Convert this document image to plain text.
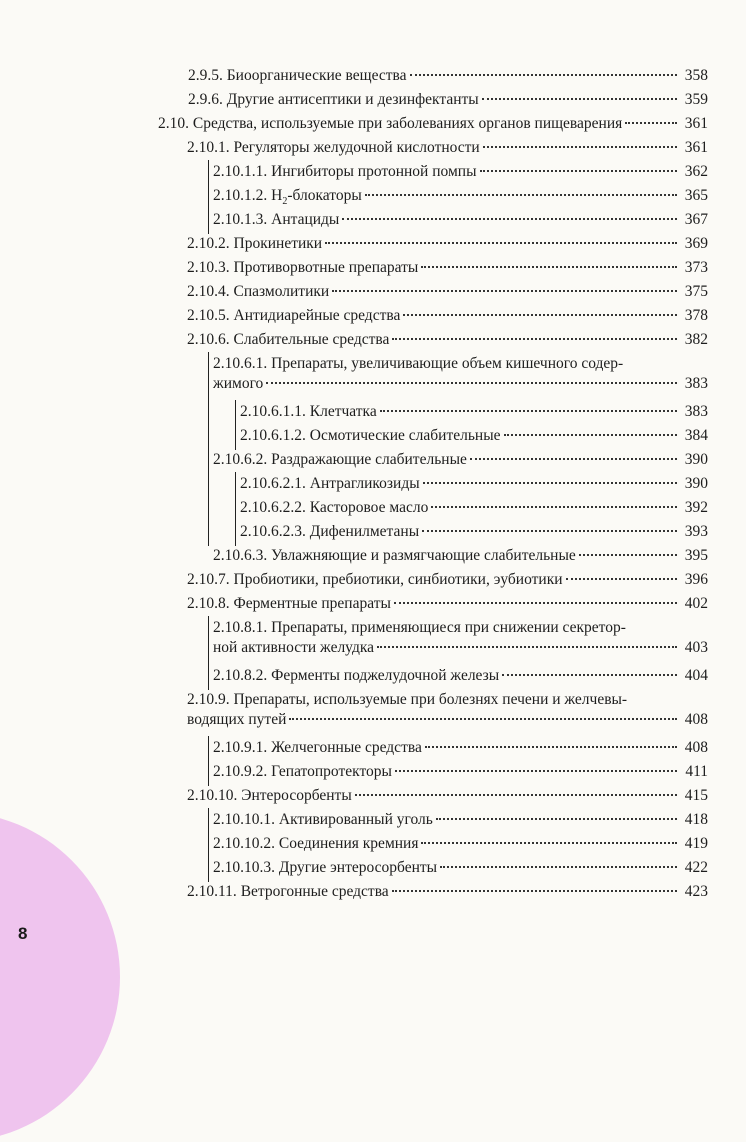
8
2.9.5. Биоорганические вещества	358
2.9.6. Другие антисептики и дезинфектанты	359
2.10. Средства, используемые при заболеваниях органов пищеварения	361
2.10.1. Регуляторы желудочной кислотности	361
2.10.1.1. Ингибиторы протонной помпы	362
2.10.1.2. $Н_2$-блокаторы	365
2.10.1.3. Антациды	367
2.10.2. Прокинетики	369
2.10.3. Противорвотные препараты	373
2.10.4. Спазмолитики	375
2.10.5. Антидиарейные средства	378
2.10.6. Слабительные средства	382
2.10.6.1. Препараты, увеличивающие объем кишечного содер-
жимого	383
2.10.6.1.1. Клетчатка	383
2.10.6.1.2. Осмотические слабительные	384
2.10.6.2. Раздражающие слабительные	390
2.10.6.2.1. Антрагликозиды	390
2.10.6.2.2. Касторовое масло	392
2.10.6.2.3. Дифенилметаны	393
2.10.6.3. Увлажняющие и размягчающие слабительные	395
2.10.7. Пробиотики, пребиотики, синбиотики, эубиотики	396
2.10.8. Ферментные препараты	402
2.10.8.1. Препараты, применяющиеся при снижении секретор-
ной активности желудка	403
2.10.8.2. Ферменты поджелудочной железы	404
2.10.9. Препараты, используемые при болезнях печени и желчевы-
водящих путей	408
2.10.9.1. Желчегонные средства	408
2.10.9.2. Гепатопротекторы	411
2.10.10. Энтеросорбенты	415
2.10.10.1. Активированный уголь	418
2.10.10.2. Соединения кремния	419
2.10.10.3. Другие энтеросорбенты	422
2.10.11. Ветрогонные средства	423
